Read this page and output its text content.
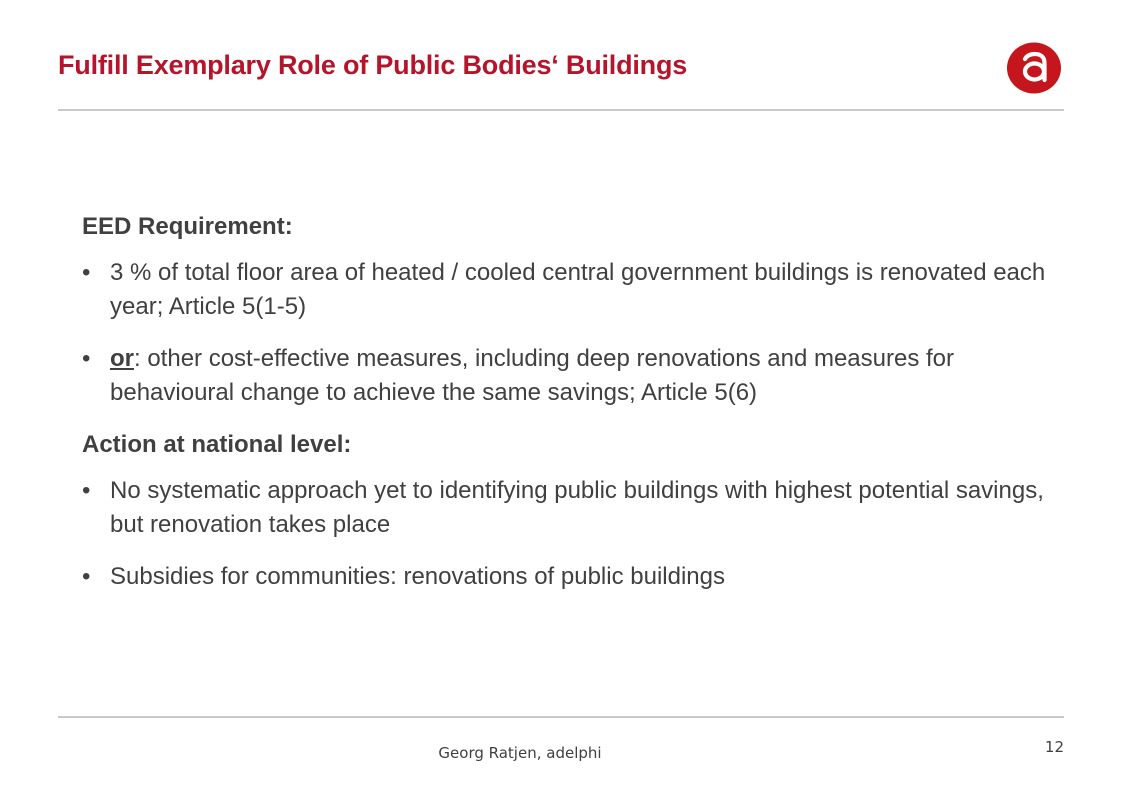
Fulfill Exemplary Role of Public Bodies‘ Buildings
EED Requirement:
• 3 % of total floor area of heated / cooled central government buildings is renovated each year; Article 5(1-5)
• or: other cost-effective measures, including deep renovations and measures for behavioural change to achieve the same savings; Article 5(6)
Action at national level:
• No systematic approach yet to identifying public buildings with highest potential savings, but renovation takes place
• Subsidies for communities: renovations of public buildings
Georg Ratjen, adelphi	12
